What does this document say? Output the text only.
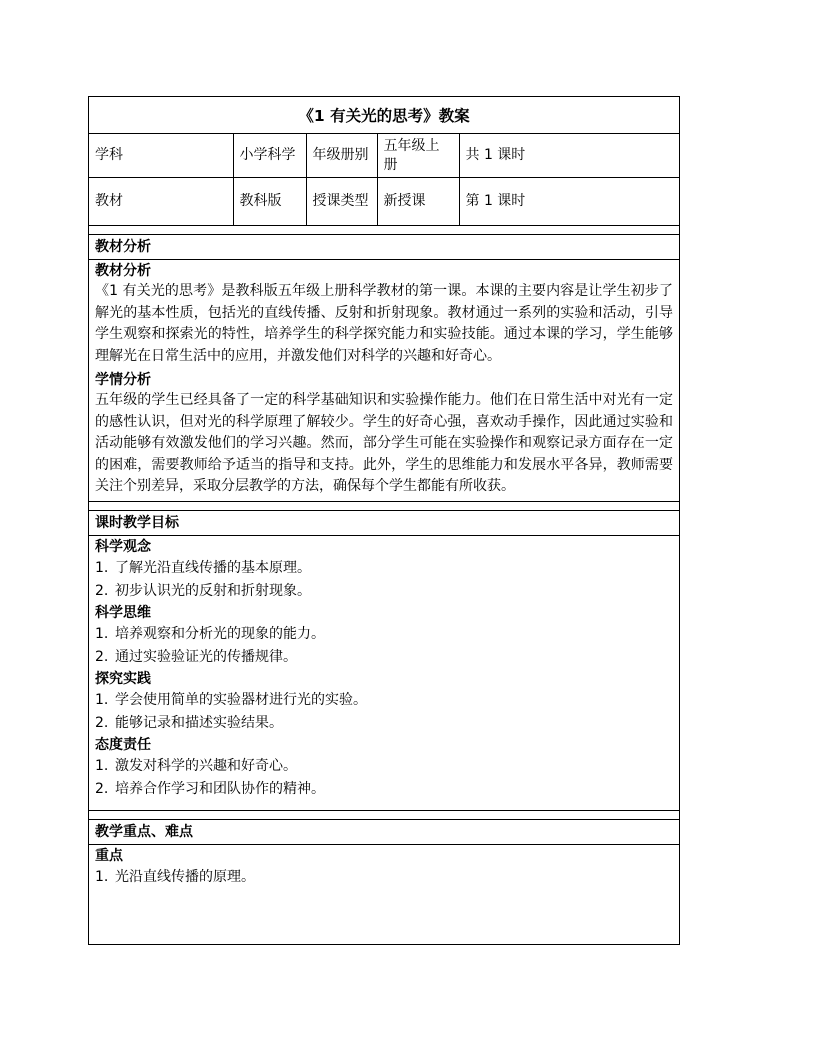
《1 有关光的思考》教案
学科	小学科学	年级册别	五年级上册	共 1 课时
教材	教科版	授课类型	新授课	第 1 课时
教材分析
教材分析
《1 有关光的思考》是教科版五年级上册科学教材的第一课。本课的主要内容是让学生初步了解光的基本性质，包括光的直线传播、反射和折射现象。教材通过一系列的实验和活动，引导学生观察和探索光的特性，培养学生的科学探究能力和实验技能。通过本课的学习，学生能够理解光在日常生活中的应用，并激发他们对科学的兴趣和好奇心。
学情分析
五年级的学生已经具备了一定的科学基础知识和实验操作能力。他们在日常生活中对光有一定的感性认识，但对光的科学原理了解较少。学生的好奇心强，喜欢动手操作，因此通过实验和活动能够有效激发他们的学习兴趣。然而，部分学生可能在实验操作和观察记录方面存在一定的困难，需要教师给予适当的指导和支持。此外，学生的思维能力和发展水平各异，教师需要关注个别差异，采取分层教学的方法，确保每个学生都能有所收获。
课时教学目标
科学观念
1. 了解光沿直线传播的基本原理。
2. 初步认识光的反射和折射现象。
科学思维
1. 培养观察和分析光的现象的能力。
2. 通过实验验证光的传播规律。
探究实践
1. 学会使用简单的实验器材进行光的实验。
2. 能够记录和描述实验结果。
态度责任
1. 激发对科学的兴趣和好奇心。
2. 培养合作学习和团队协作的精神。
教学重点、难点
重点
1. 光沿直线传播的原理。
